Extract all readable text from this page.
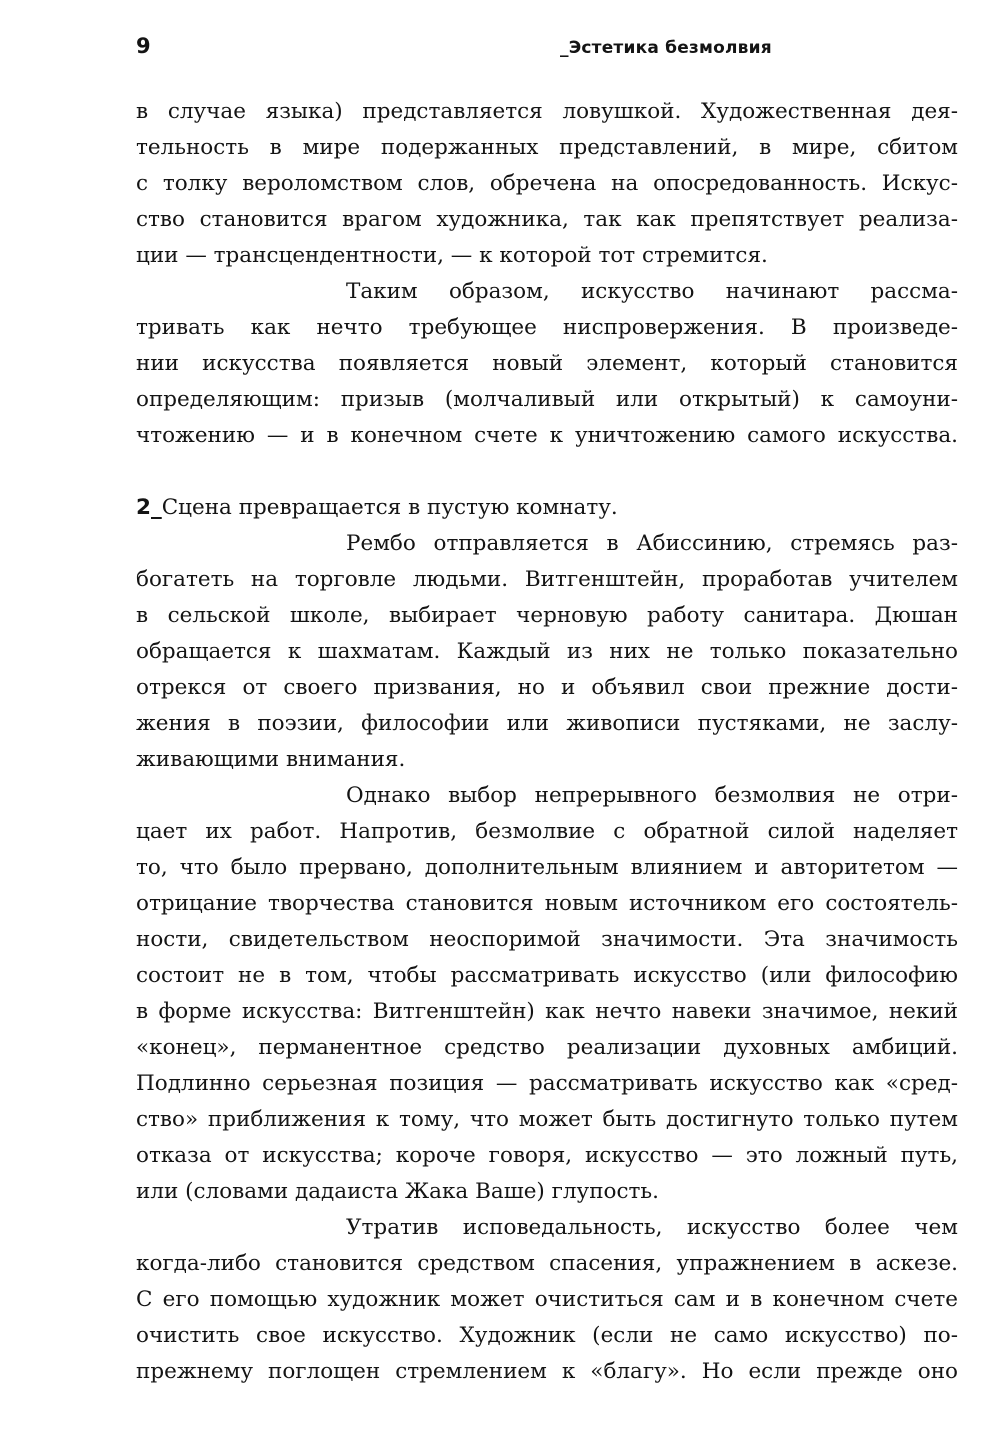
9	_Эстетика безмолвия
в случае языка) представляется ловушкой. Художественная дея-
тельность в мире подержанных представлений, в мире, сбитом
с толку вероломством слов, обречена на опосредованность. Искус-
ство становится врагом художника, так как препятствует реализа-
ции — трансцендентности, — к которой тот стремится.
Таким образом, искусство начинают рассма-
тривать как нечто требующее ниспровержения. В произведе-
нии искусства появляется новый элемент, который становится
определяющим: призыв (молчаливый или открытый) к самоуни-
чтожению — и в конечном счете к уничтожению самого искусства.
2_Сцена превращается в пустую комнату.
Рембо отправляется в Абиссинию, стремясь раз-
богатеть на торговле людьми. Витгенштейн, проработав учителем
в сельской школе, выбирает черновую работу санитара. Дюшан
обращается к шахматам. Каждый из них не только показательно
отрекся от своего призвания, но и объявил свои прежние дости-
жения в поэзии, философии или живописи пустяками, не заслу-
живающими внимания.
Однако выбор непрерывного безмолвия не отри-
цает их работ. Напротив, безмолвие с обратной силой наделяет
то, что было прервано, дополнительным влиянием и авторитетом —
отрицание творчества становится новым источником его состоятель-
ности, свидетельством неоспоримой значимости. Эта значимость
состоит не в том, чтобы рассматривать искусство (или философию
в форме искусства: Витгенштейн) как нечто навеки значимое, некий
«конец», перманентное средство реализации духовных амбиций.
Подлинно серьезная позиция — рассматривать искусство как «сред-
ство» приближения к тому, что может быть достигнуто только путем
отказа от искусства; короче говоря, искусство — это ложный путь,
или (словами дадаиста Жака Ваше) глупость.
Утратив исповедальность, искусство более чем
когда-либо становится средством спасения, упражнением в аскезе.
С его помощью художник может очиститься сам и в конечном счете
очистить свое искусство. Художник (если не само искусство) по-
прежнему поглощен стремлением к «благу». Но если прежде оно
